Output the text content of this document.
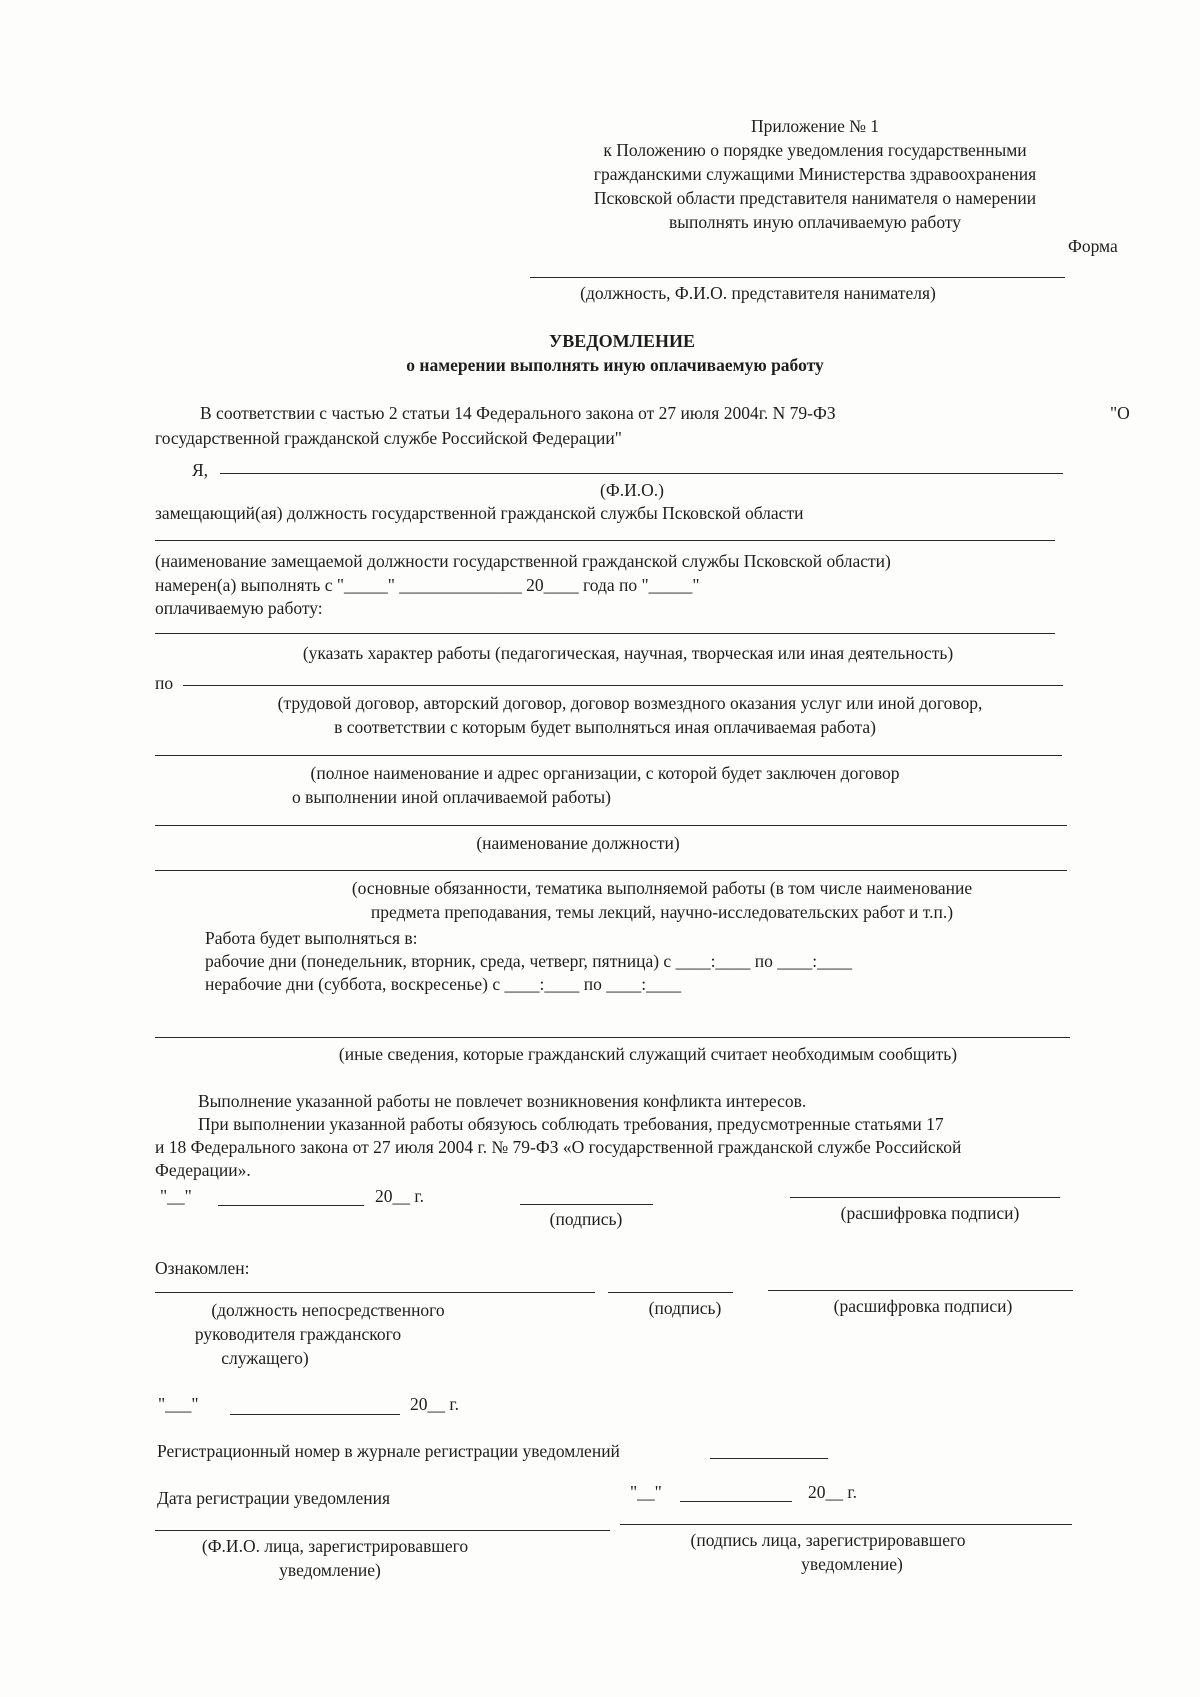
Приложение № 1
к Положению о порядке уведомления государственными
гражданскими служащими Министерства здравоохранения
Псковской области представителя нанимателя о намерении
выполнять иную оплачиваемую работу
Форма
(должность, Ф.И.О. представителя нанимателя)
УВЕДОМЛЕНИЕ
о намерении выполнять иную оплачиваемую работу
В соответствии с частью 2 статьи 14 Федерального закона от 27 июля 2004г. N 79-ФЗ	"О
государственной гражданской службе Российской Федерации"
Я,
(Ф.И.О.)
замещающий(ая) должность государственной гражданской службы Псковской области
(наименование замещаемой должности государственной гражданской службы Псковской области)
намерен(а) выполнять с "_____" ______________ 20____ года по "_____"
оплачиваемую работу:
(указать характер работы (педагогическая, научная, творческая или иная деятельность)
по
(трудовой договор, авторский договор, договор возмездного оказания услуг или иной договор,
в соответствии с которым будет выполняться иная оплачиваемая работа)
(полное наименование и адрес организации, с которой будет заключен договор
о выполнении иной оплачиваемой работы)
(наименование должности)
(основные обязанности, тематика выполняемой работы (в том числе наименование
предмета преподавания, темы лекций, научно-исследовательских работ и т.п.)
Работа будет выполняться в:
рабочие дни (понедельник, вторник, среда, четверг, пятница) с ____:____ по ____:____
нерабочие дни (суббота, воскресенье) с ____:____ по ____:____
(иные сведения, которые гражданский служащий считает необходимым сообщить)
Выполнение указанной работы не повлечет возникновения конфликта интересов.
При выполнении указанной работы обязуюсь соблюдать требования, предусмотренные статьями 17
и 18 Федерального закона от 27 июля 2004 г. № 79-ФЗ «О государственной гражданской службе Российской
Федерации».
"__"	20__ г.
(подпись)	(расшифровка подписи)
Ознакомлен:
(должность непосредственного
руководителя гражданского
служащего)
(подпись)	(расшифровка подписи)
"___"	20__ г.
Регистрационный номер в журнале регистрации уведомлений
Дата регистрации уведомления	"__"	20__ г.
(Ф.И.О. лица, зарегистрировавшего
уведомление)
(подпись лица, зарегистрировавшего
уведомление)
